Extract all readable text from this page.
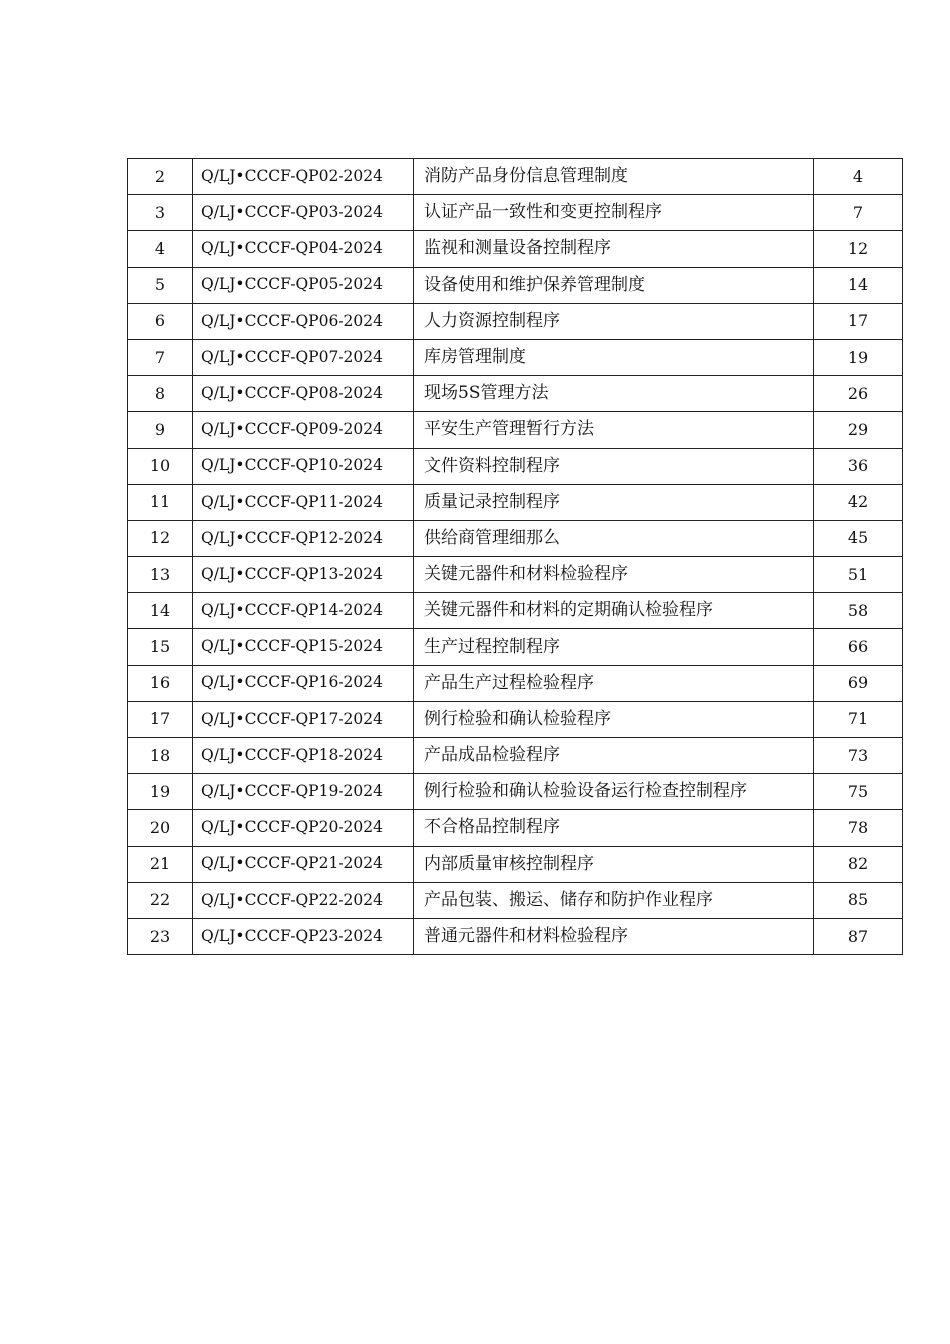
2	Q/LJ•CCCF-QP02-2024	消防产品身份信息管理制度	4
3	Q/LJ•CCCF-QP03-2024	认证产品一致性和变更控制程序	7
4	Q/LJ•CCCF-QP04-2024	监视和测量设备控制程序	12
5	Q/LJ•CCCF-QP05-2024	设备使用和维护保养管理制度	14
6	Q/LJ•CCCF-QP06-2024	人力资源控制程序	17
7	Q/LJ•CCCF-QP07-2024	库房管理制度	19
8	Q/LJ•CCCF-QP08-2024	现场5S管理方法	26
9	Q/LJ•CCCF-QP09-2024	平安生产管理暂行方法	29
10	Q/LJ•CCCF-QP10-2024	文件资料控制程序	36
11	Q/LJ•CCCF-QP11-2024	质量记录控制程序	42
12	Q/LJ•CCCF-QP12-2024	供给商管理细那么	45
13	Q/LJ•CCCF-QP13-2024	关键元器件和材料检验程序	51
14	Q/LJ•CCCF-QP14-2024	关键元器件和材料的定期确认检验程序	58
15	Q/LJ•CCCF-QP15-2024	生产过程控制程序	66
16	Q/LJ•CCCF-QP16-2024	产品生产过程检验程序	69
17	Q/LJ•CCCF-QP17-2024	例行检验和确认检验程序	71
18	Q/LJ•CCCF-QP18-2024	产品成品检验程序	73
19	Q/LJ•CCCF-QP19-2024	例行检验和确认检验设备运行检查控制程序	75
20	Q/LJ•CCCF-QP20-2024	不合格品控制程序	78
21	Q/LJ•CCCF-QP21-2024	内部质量审核控制程序	82
22	Q/LJ•CCCF-QP22-2024	产品包装、搬运、储存和防护作业程序	85
23	Q/LJ•CCCF-QP23-2024	普通元器件和材料检验程序	87
